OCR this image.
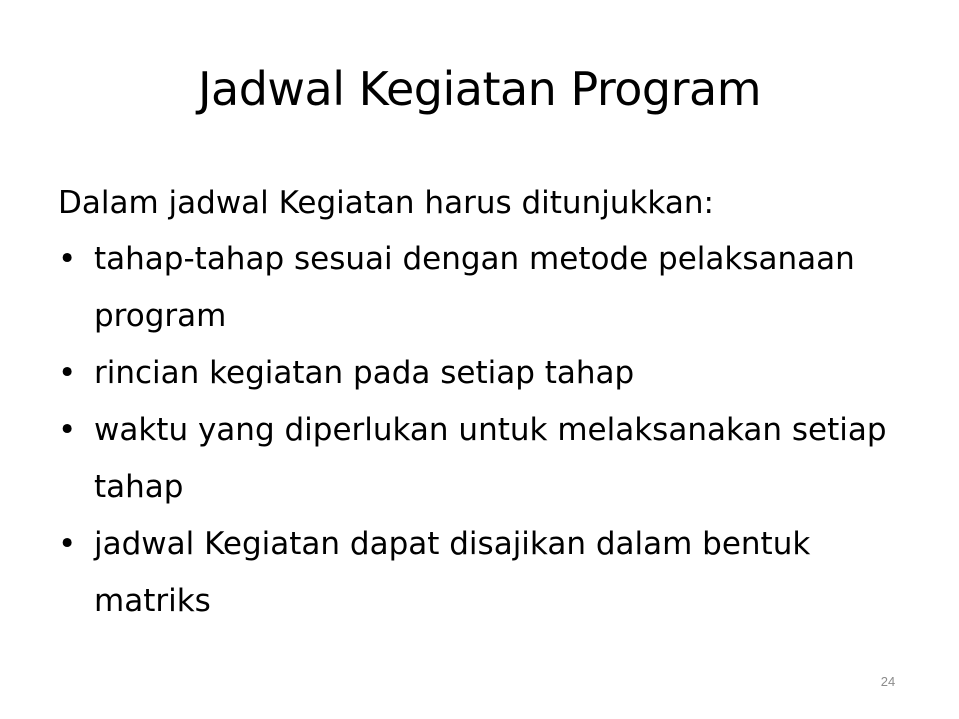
Jadwal Kegiatan Program

Dalam jadwal Kegiatan harus ditunjukkan:

• tahap‑tahap sesuai dengan metode pelaksanaan program
• rincian kegiatan pada setiap tahap
• waktu yang diperlukan untuk melaksanakan setiap tahap
• jadwal Kegiatan dapat disajikan dalam bentuk matriks
24
